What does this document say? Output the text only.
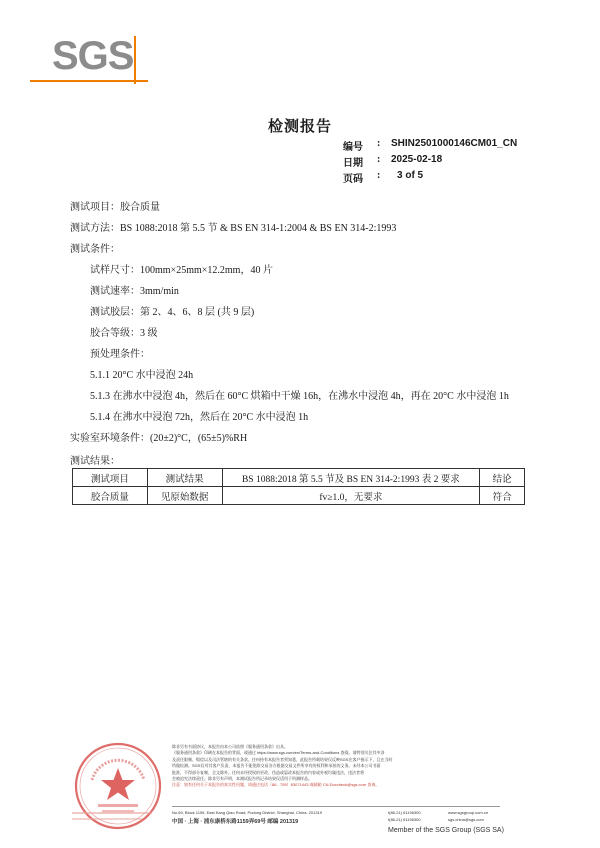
SGS
检测报告
编号 : SHIN2501000146CM01_CN
日期 : 2025-02-18
页码 : 3 of 5
测试项目：胶合质量
测试方法：BS 1088:2018 第 5.5 节 & BS EN 314-1:2004 & BS EN 314-2:1993
测试条件：
试样尺寸：100mm×25mm×12.2mm，40 片
测试速率：3mm/min
测试胶层：第 2、4、6、8 层 (共 9 层)
胶合等级：3 级
预处理条件：
5.1.1 20°C 水中浸泡 24h
5.1.3 在沸水中浸泡 4h，然后在 60°C 烘箱中干燥 16h，在沸水中浸泡 4h，再在 20°C 水中浸泡 1h
5.1.4 在沸水中浸泡 72h，然后在 20°C 水中浸泡 1h
实验室环境条件：(20±2)°C，(65±5)%RH
测试结果：
测试项目	测试结果	BS 1088:2018 第 5.5 节及 BS EN 314-2:1993 表 2 要求	结论
胶合质量	见原始数据	fv≥1.0，无要求	符合
除非另有书面协议，本报告由本公司依照《服务通用条款》出具。
《服务通用条款》印刷在本报告的背面，或通过 https://www.sgs.com/en/Terms-and-Conditions 查阅。请特别关注其中涉
及责任限制、赔偿以及司法管辖的有关条款。任何持有本报告者须知悉，此报告所载结果仅反映SGS在客户指示下，且在当时
所做检测。SGS仅对其客户负责，本报告不能免除交易各方根据交易文件所享有的权利和承担的义务。未经本公司书面
批准，不得部分复制，全文除外。任何未经授权的更改、伪造或篡改本报告的内容或外观均属违法，违法者将
会被追究法律责任。除非另有声明，本测试报告所记录结果仅适用于所测样品。
注意：如有任何关于本报告的真实性问题，请通过电话（86 - 755）83071443 或邮箱 CN.Doccheck@sgs.com 查询。
No.69, Block 1159, East Kang Qiao Road, Pudong District, Shanghai, China. 201319
中国 · 上海 · 浦东康桥东路1159弄69号 邮编 201319
t(86-21) 61196300
f(86-21) 61196300
www.sgsgroup.com.cn
sgs.china@sgs.com
Member of the SGS Group (SGS SA)
